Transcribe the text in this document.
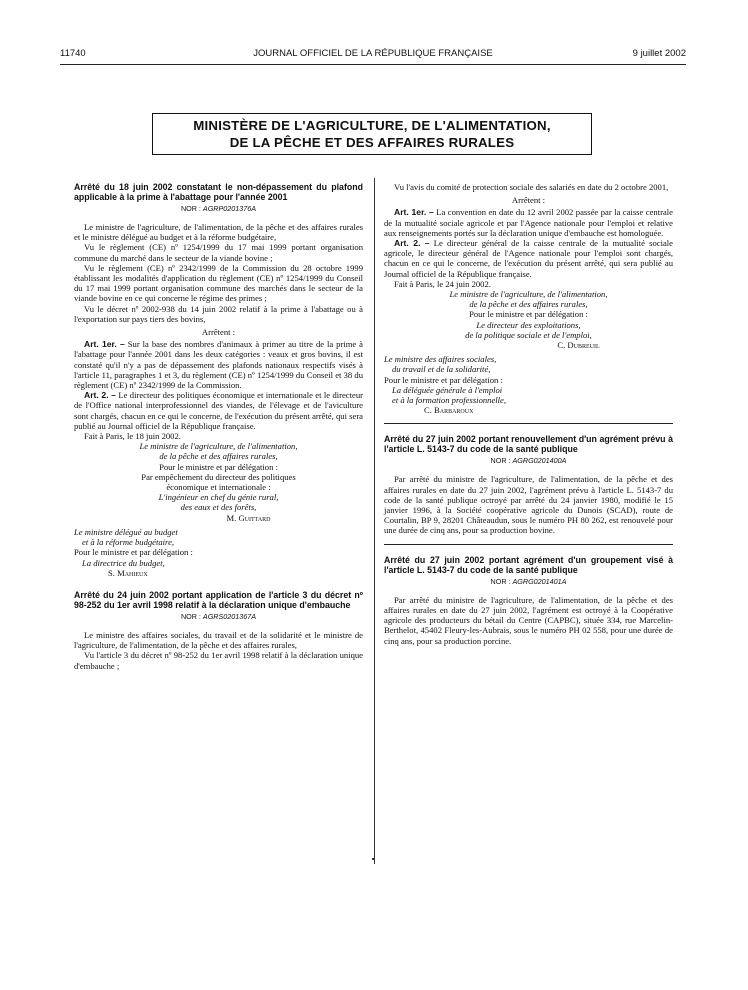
11740	JOURNAL OFFICIEL DE LA RÉPUBLIQUE FRANÇAISE	9 juillet 2002
MINISTÈRE DE L'AGRICULTURE, DE L'ALIMENTATION,
DE LA PÊCHE ET DES AFFAIRES RURALES

Arrêté du 18 juin 2002 constatant le non-dépassement du plafond applicable à la prime à l'abattage pour l'année 2001

NOR : AGRP0201376A

Le ministre de l'agriculture, de l'alimentation, de la pêche et des affaires rurales et le ministre délégué au budget et à la réforme budgétaire,

Vu le règlement (CE) nº 1254/1999 du 17 mai 1999 portant organisation commune du marché dans le secteur de la viande bovine ;

Vu le règlement (CE) nº 2342/1999 de la Commission du 28 octobre 1999 établissant les modalités d'application du règlement (CE) nº 1254/1999 du Conseil du 17 mai 1999 portant organisation commune des marchés dans le secteur de la viande bovine en ce qui concerne le régime des primes ;

Vu le décret nº 2002-938 du 14 juin 2002 relatif à la prime à l'abattage ou à l'exportation sur pays tiers des bovins,

Arrêtent :

Art. 1er. – Sur la base des nombres d'animaux à primer au titre de la prime à l'abattage pour l'année 2001 dans les deux catégories : veaux et gros bovins, il est constaté qu'il n'y a pas de dépassement des plafonds nationaux respectifs visés à l'article 11, paragraphes 1 et 3, du règlement (CE) nº 1254/1999 du Conseil et 38 du règlement (CE) nº 2342/1999 de la Commission.

Art. 2. – Le directeur des politiques économique et internationale et le directeur de l'Office national interprofessionnel des viandes, de l'élevage et de l'aviculture sont chargés, chacun en ce qui le concerne, de l'exécution du présent arrêté, qui sera publié au Journal officiel de la République française.

Fait à Paris, le 18 juin 2002.

Le ministre de l'agriculture, de l'alimentation,
de la pêche et des affaires rurales,
Pour le ministre et par délégation :
Par empêchement du directeur des politiques
économique et internationale :
L'ingénieur en chef du génie rural,
des eaux et des forêts,
M. Guittard
Le ministre délégué au budget
et à la réforme budgétaire,
Pour le ministre et par délégation :
La directrice du budget,
S. Mahieux

Arrêté du 24 juin 2002 portant application de l'article 3 du décret nº 98-252 du 1er avril 1998 relatif à la déclaration unique d'embauche

NOR : AGRS0201367A

Le ministre des affaires sociales, du travail et de la solidarité et le ministre de l'agriculture, de l'alimentation, de la pêche et des affaires rurales,

Vu l'article 3 du décret nº 98-252 du 1er avril 1998 relatif à la déclaration unique d'embauche ;

Vu l'avis du comité de protection sociale des salariés en date du 2 octobre 2001,

Arrêtent :

Art. 1er. – La convention en date du 12 avril 2002 passée par la caisse centrale de la mutualité sociale agricole et par l'Agence nationale pour l'emploi et relative aux renseignements portés sur la déclaration unique d'embauche est homologuée.

Art. 2. – Le directeur général de la caisse centrale de la mutualité sociale agricole, le directeur général de l'Agence nationale pour l'emploi sont chargés, chacun en ce qui le concerne, de l'exécution du présent arrêté, qui sera publié au Journal officiel de la République française.

Fait à Paris, le 24 juin 2002.

Le ministre de l'agriculture, de l'alimentation,
de la pêche et des affaires rurales,
Pour le ministre et par délégation :
Le directeur des exploitations,
de la politique sociale et de l'emploi,
C. Dubreuil
Le ministre des affaires sociales,
du travail et de la solidarité,
Pour le ministre et par délégation :
La déléguée générale à l'emploi
et à la formation professionnelle,
C. Barbaroux

Arrêté du 27 juin 2002 portant renouvellement d'un agrément prévu à l'article L. 5143-7 du code de la santé publique

NOR : AGRG0201400A

Par arrêté du ministre de l'agriculture, de l'alimentation, de la pêche et des affaires rurales en date du 27 juin 2002, l'agrément prévu à l'article L. 5143-7 du code de la santé publique octroyé par arrêté du 24 janvier 1980, modifié le 15 janvier 1996, à la Société coopérative agricole du Dunois (SCAD), route de Courtalin, BP 9, 28201 Châteaudun, sous le numéro PH 80 262, est renouvelé pour une durée de cinq ans, pour sa production bovine.

Arrêté du 27 juin 2002 portant agrément d'un groupement visé à l'article L. 5143-7 du code de la santé publique

NOR : AGRG0201401A

Par arrêté du ministre de l'agriculture, de l'alimentation, de la pêche et des affaires rurales en date du 27 juin 2002, l'agrément est octroyé à la Coopérative agricole des producteurs du bétail du Centre (CAPBC), située 334, rue Marcelin-Berthelot, 45402 Fleury-les-Aubrais, sous le numéro PH 02 558, pour une durée de cinq ans, pour sa production porcine.
